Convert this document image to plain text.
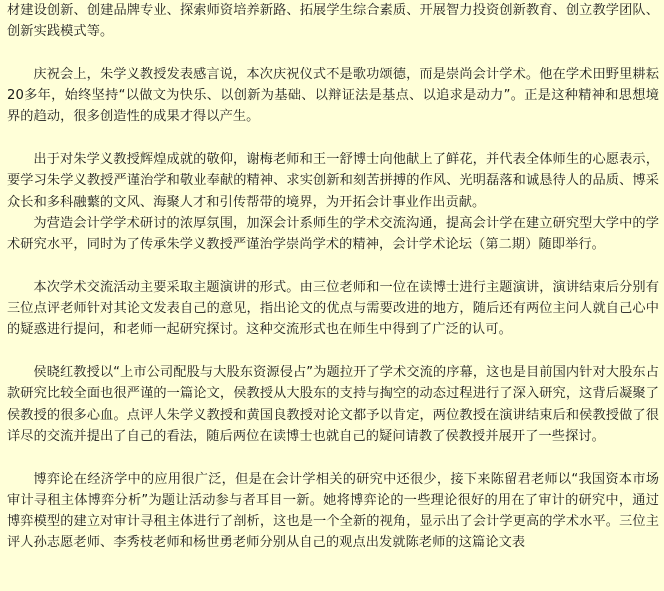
材建设创新、创建品牌专业、探索师资培养新路、拓展学生综合素质、开展智力投资创新教育、创立教学团队、创新实践模式等。

庆祝会上，朱学义教授发表感言说，本次庆祝仪式不是歌功颂德，而是崇尚会计学术。他在学术田野里耕耘20多年，始终坚持“以做文为快乐、以创新为基础、以辩证法是基点、以追求是动力”。正是这种精神和思想境界的趋动，很多创造性的成果才得以产生。

出于对朱学义教授辉煌成就的敬仰，谢梅老师和王一舒博士向他献上了鲜花，并代表全体师生的心愿表示，要学习朱学义教授严谨治学和敬业奉献的精神、求实创新和刻苦拼搏的作风、光明磊落和诚恳待人的品质、博采众长和多科融蘩的文风、海聚人才和引传帮带的境界，为开拓会计事业作出贡献。

为营造会计学学术研讨的浓厚氛围，加深会计系师生的学术交流沟通，提高会计学在建立研究型大学中的学术研究水平，同时为了传承朱学义教授严谨治学崇尚学术的精神，会计学术论坛（第二期）随即举行。

本次学术交流活动主要采取主题演讲的形式。由三位老师和一位在读博士进行主题演讲，演讲结束后分别有三位点评老师针对其论文发表自己的意见，指出论文的优点与需要改进的地方，随后还有两位主问人就自己心中的疑惑进行提问，和老师一起研究探讨。这种交流形式也在师生中得到了广泛的认可。

侯晓红教授以“上市公司配股与大股东资源侵占”为题拉开了学术交流的序幕，这也是目前国内针对大股东占款研究比较全面也很严谨的一篇论文，侯教授从大股东的支持与掏空的动态过程进行了深入研究，这背后凝聚了侯教授的很多心血。点评人朱学义教授和黄国良教授对论文都予以肯定，两位教授在演讲结束后和侯教授做了很详尽的交流并提出了自己的看法，随后两位在读博士也就自己的疑问请教了侯教授并展开了一些探讨。

博弈论在经济学中的应用很广泛，但是在会计学相关的研究中还很少，接下来陈留君老师以“我国资本市场审计寻租主体博弈分析”为题让活动参与者耳目一新。她将博弈论的一些理论很好的用在了审计的研究中，通过博弈模型的建立对审计寻租主体进行了剖析，这也是一个全新的视角，显示出了会计学更高的学术水平。三位主评人孙志愿老师、李秀枝老师和杨世勇老师分别从自己的观点出发就陈老师的这篇论文表
